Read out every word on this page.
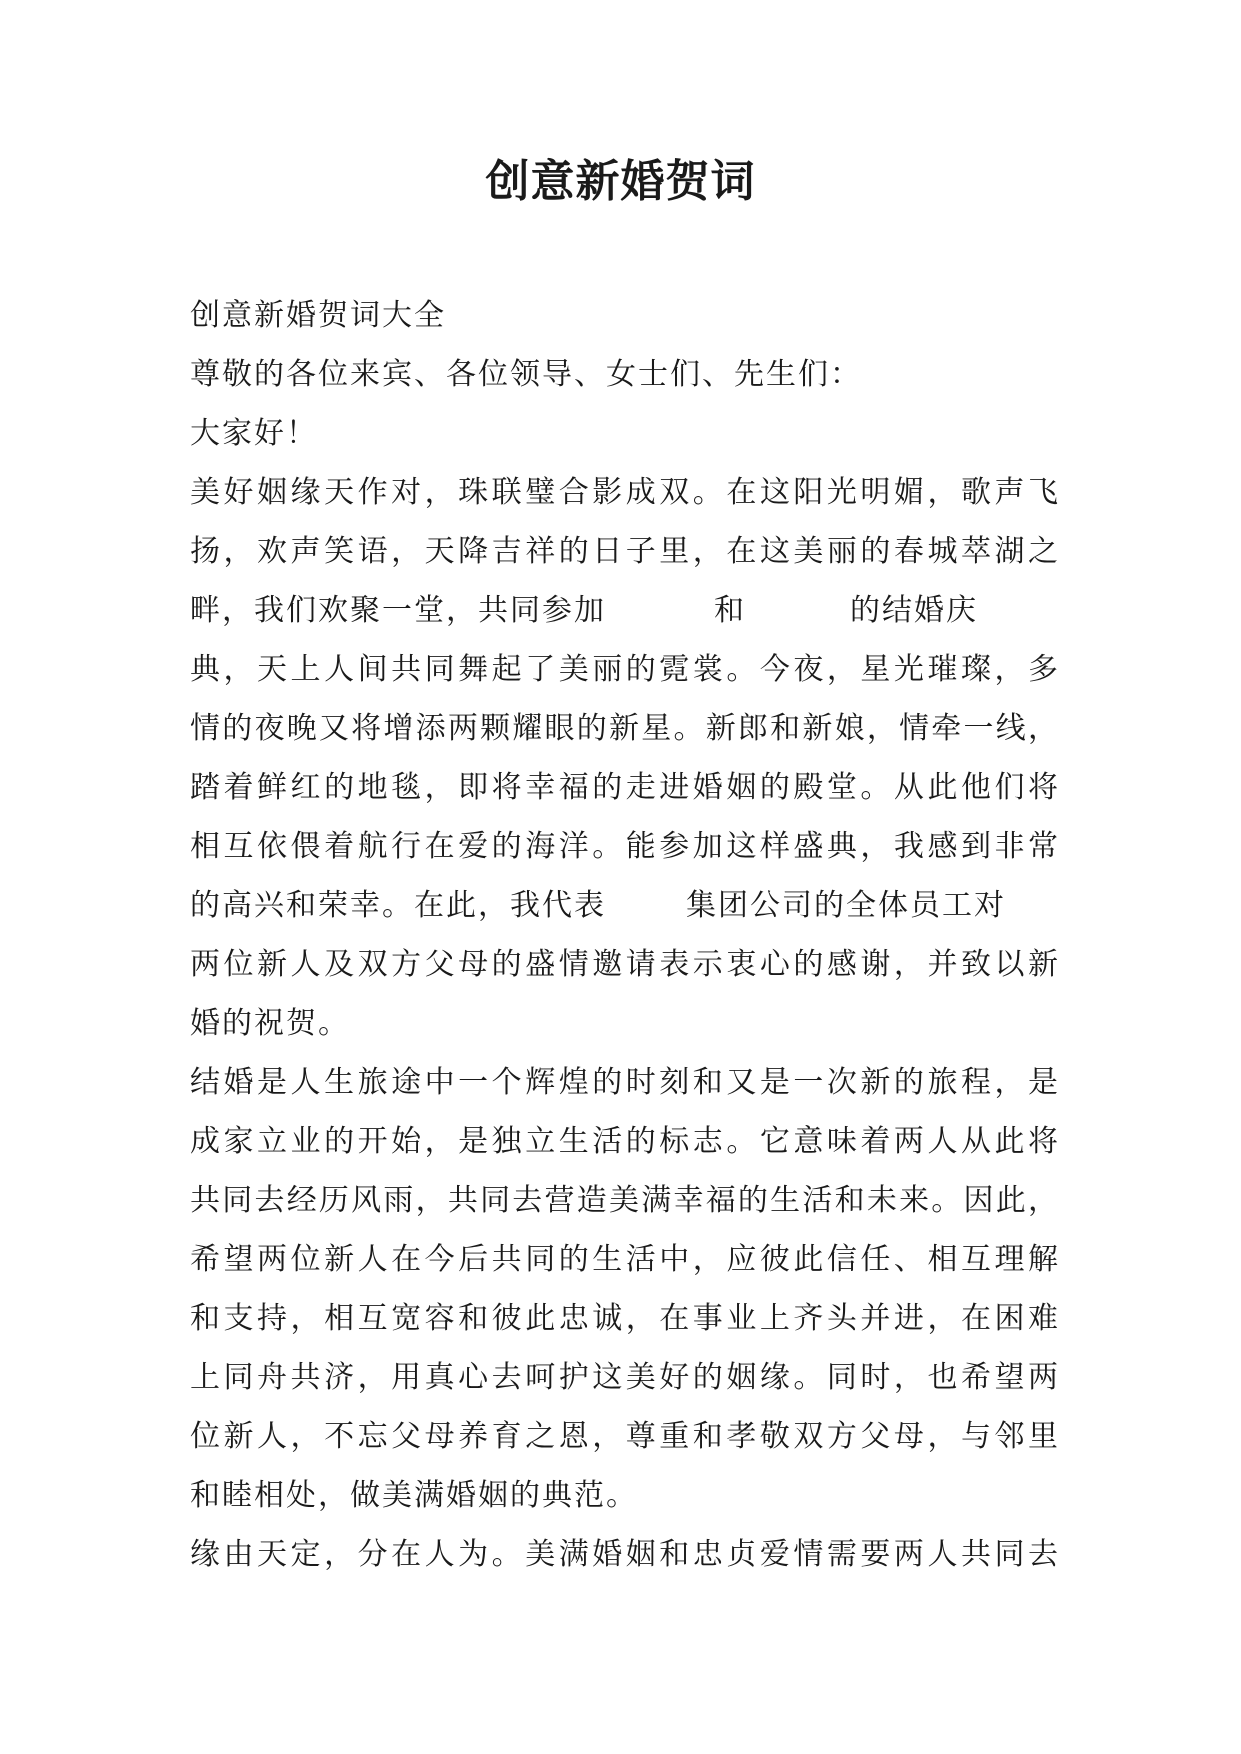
创意新婚贺词
创意新婚贺词大全
尊敬的各位来宾、各位领导、女士们、先生们：
大家好！
美好姻缘天作对，珠联璧合影成双。在这阳光明媚，歌声飞
扬，欢声笑语，天降吉祥的日子里，在这美丽的春城萃湖之
畔，我们欢聚一堂，共同参加	和	的结婚庆
典，天上人间共同舞起了美丽的霓裳。今夜，星光璀璨，多
情的夜晚又将增添两颗耀眼的新星。新郎和新娘，情牵一线，
踏着鲜红的地毯，即将幸福的走进婚姻的殿堂。从此他们将
相互依偎着航行在爱的海洋。能参加这样盛典，我感到非常
的高兴和荣幸。在此，我代表	集团公司的全体员工对
两位新人及双方父母的盛情邀请表示衷心的感谢，并致以新
婚的祝贺。
结婚是人生旅途中一个辉煌的时刻和又是一次新的旅程，是
成家立业的开始，是独立生活的标志。它意味着两人从此将
共同去经历风雨，共同去营造美满幸福的生活和未来。因此，
希望两位新人在今后共同的生活中，应彼此信任、相互理解
和支持，相互宽容和彼此忠诚，在事业上齐头并进，在困难
上同舟共济，用真心去呵护这美好的姻缘。同时，也希望两
位新人，不忘父母养育之恩，尊重和孝敬双方父母，与邻里
和睦相处，做美满婚姻的典范。
缘由天定，分在人为。美满婚姻和忠贞爱情需要两人共同去
